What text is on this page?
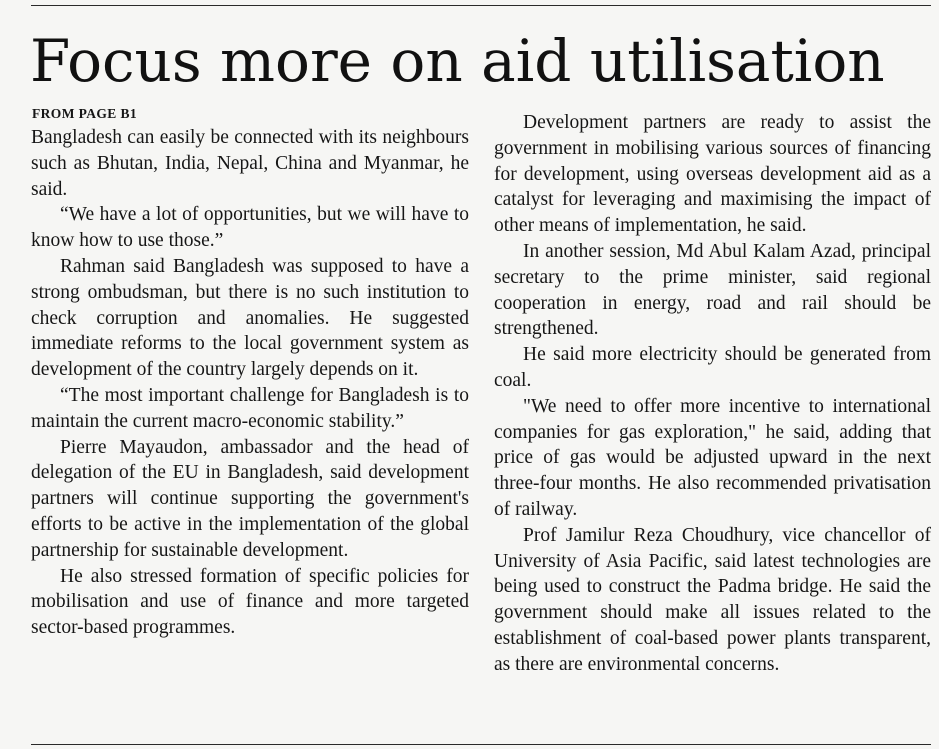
Focus more on aid utilisation
FROM PAGE B1

Bangladesh can easily be connected with its neighbours such as Bhutan, India, Nepal, China and Myanmar, he said.

“We have a lot of opportunities, but we will have to know how to use those.”

Rahman said Bangladesh was supposed to have a strong ombudsman, but there is no such institution to check corruption and anomalies. He suggested immediate reforms to the local government system as development of the country largely depends on it.

“The most important challenge for Bangladesh is to maintain the current macro-economic stability.”

Pierre Mayaudon, ambassador and the head of delegation of the EU in Bangladesh, said development partners will continue supporting the government's efforts to be active in the implementation of the global partnership for sustainable development.

He also stressed formation of specific policies for mobilisation and use of finance and more targeted sector-based programmes.

Development partners are ready to assist the government in mobilising various sources of financing for development, using overseas development aid as a catalyst for leveraging and maximising the impact of other means of implementation, he said.

In another session, Md Abul Kalam Azad, principal secretary to the prime minister, said regional cooperation in energy, road and rail should be strengthened.

He said more electricity should be generated from coal.

"We need to offer more incentive to international companies for gas exploration," he said, adding that price of gas would be adjusted upward in the next three-four months. He also recommended privatisation of railway.

Prof Jamilur Reza Choudhury, vice chancellor of University of Asia Pacific, said latest technologies are being used to construct the Padma bridge. He said the government should make all issues related to the establishment of coal-based power plants transparent, as there are environmental concerns.
